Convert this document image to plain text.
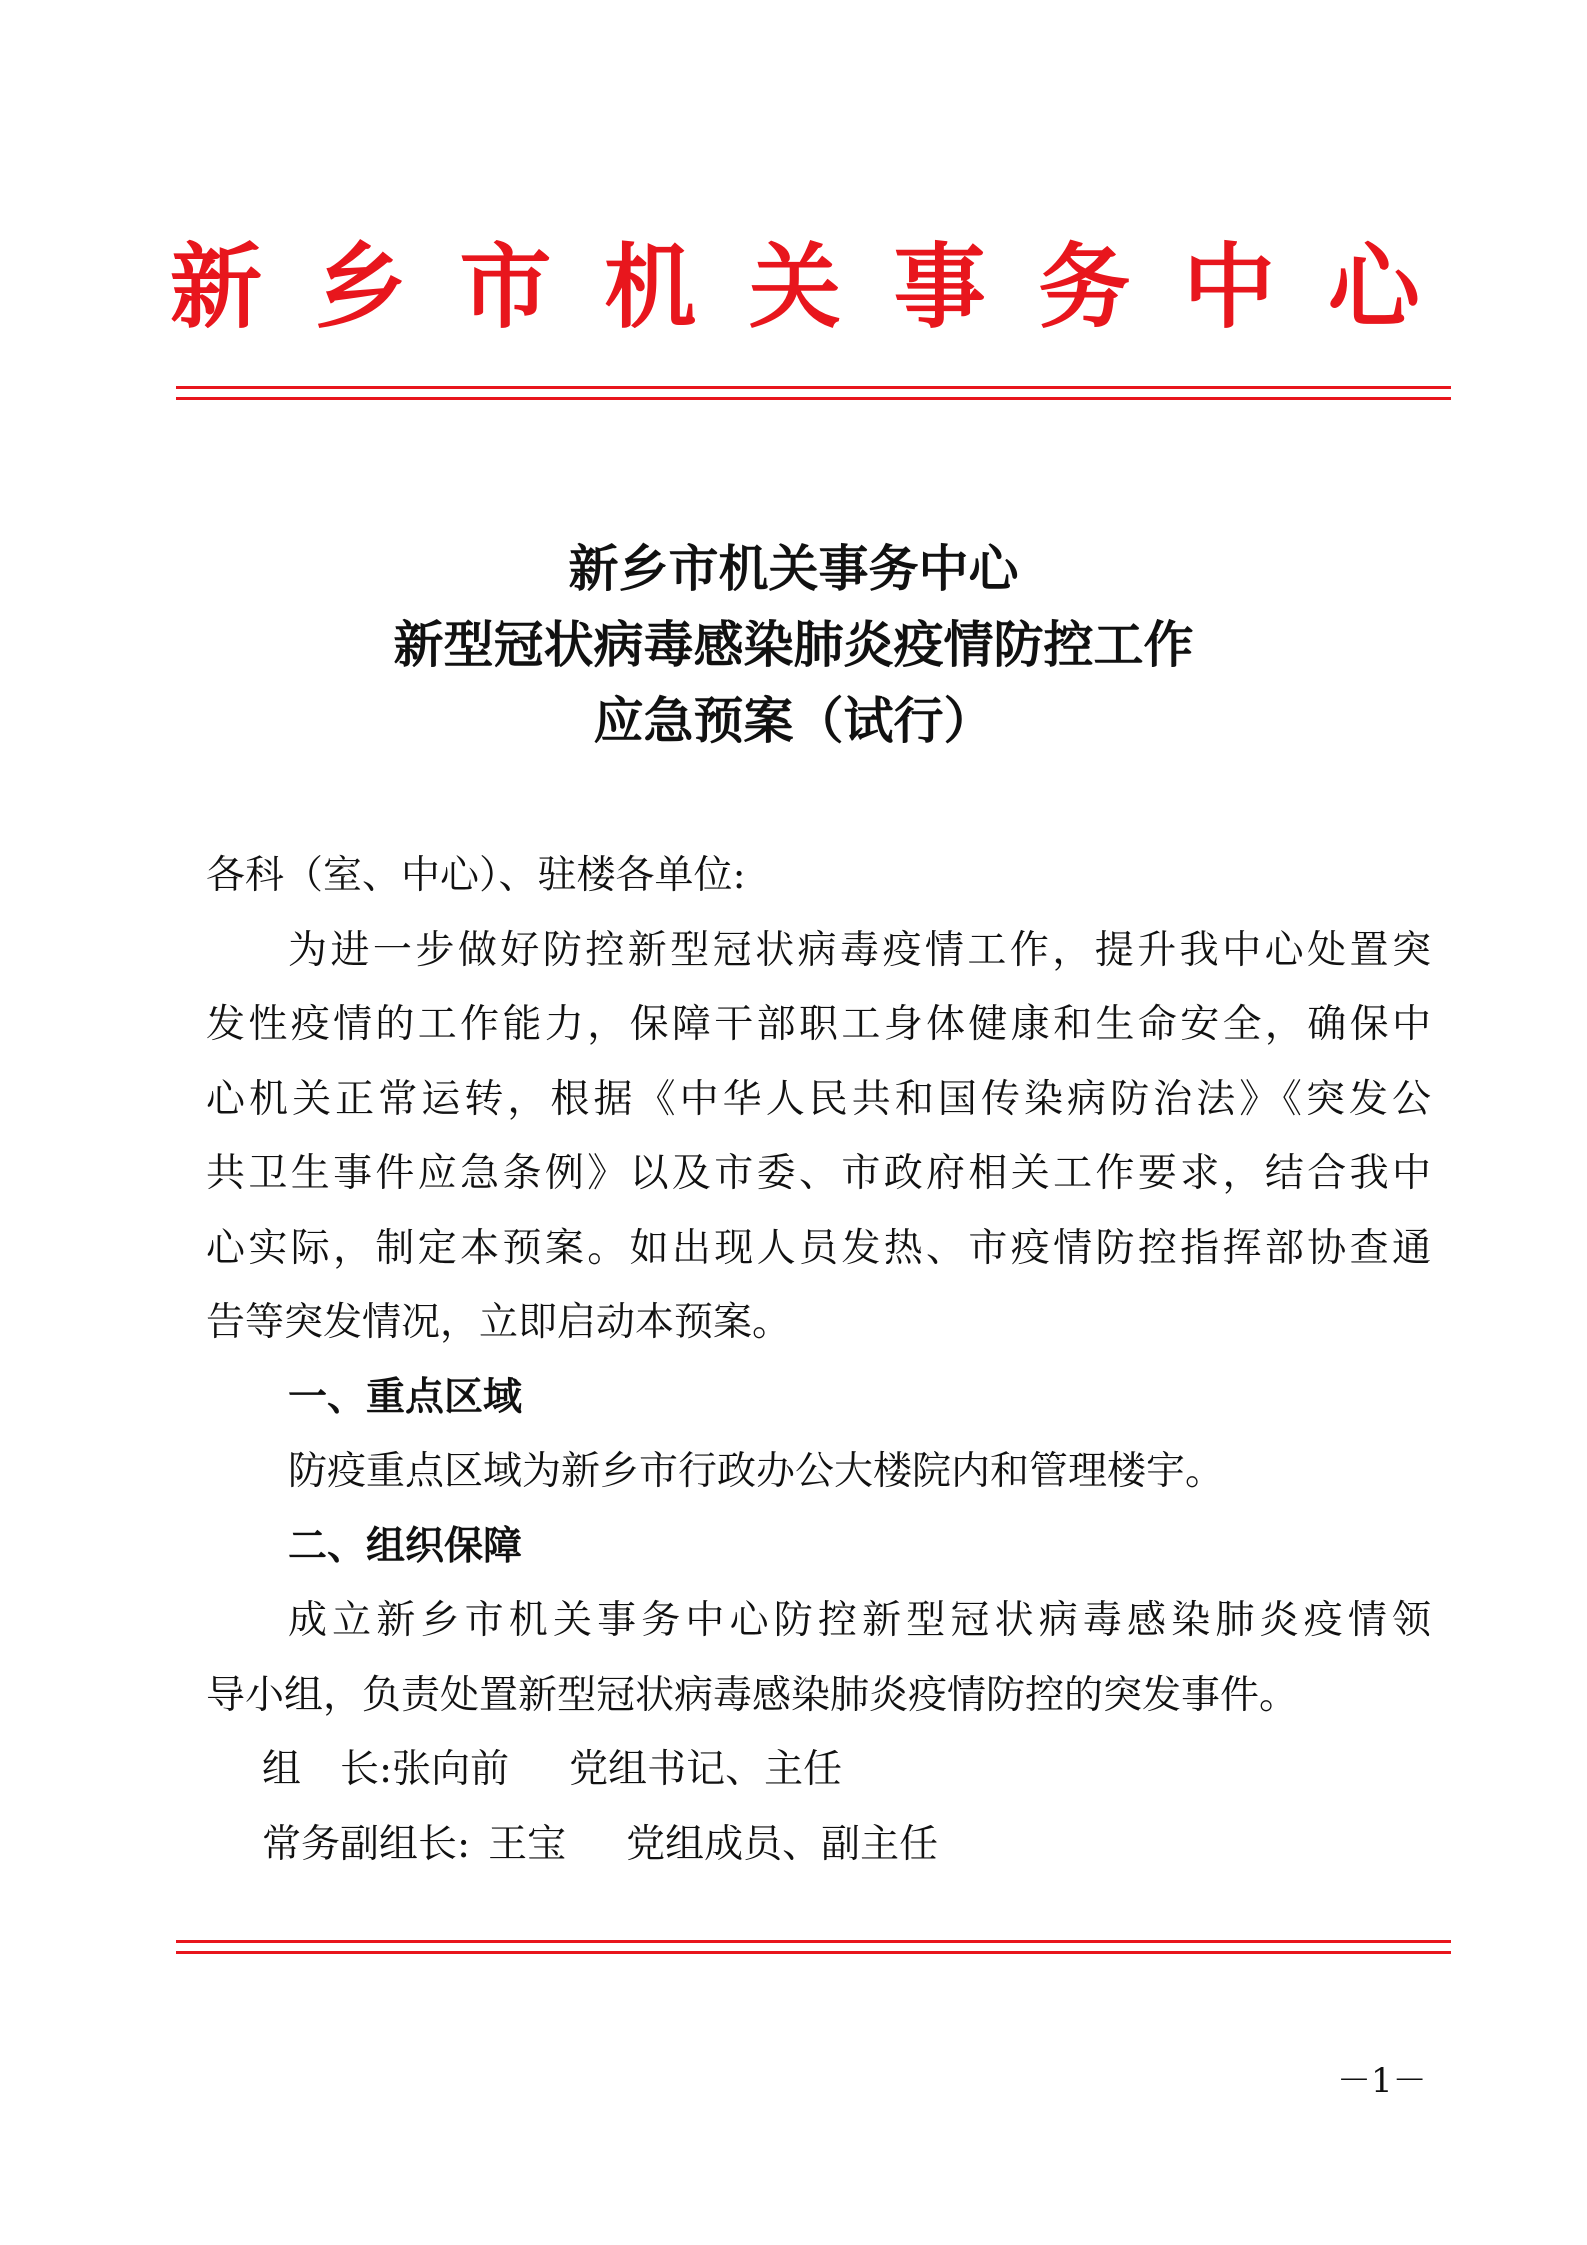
新 乡 市 机 关 事 务 中 心
新乡市机关事务中心
新型冠状病毒感染肺炎疫情防控工作
应急预案（试行）
各科（室、中心）、驻楼各单位:
为进一步做好防控新型冠状病毒疫情工作，提升我中心处置突
发性疫情的工作能力，保障干部职工身体健康和生命安全，确保中
心机关正常运转，根据《中华人民共和国传染病防治法》《突发公
共卫生事件应急条例》以及市委、市政府相关工作要求，结合我中
心实际，制定本预案。如出现人员发热、市疫情防控指挥部协查通
告等突发情况，立即启动本预案。
一、重点区域
防疫重点区域为新乡市行政办公大楼院内和管理楼宇。
二、组织保障
成立新乡市机关事务中心防控新型冠状病毒感染肺炎疫情领
导小组，负责处置新型冠状病毒感染肺炎疫情防控的突发事件。
组　长:张向前 党组书记、主任
常务副组长: 王宝 党组成员、副主任
－1－
